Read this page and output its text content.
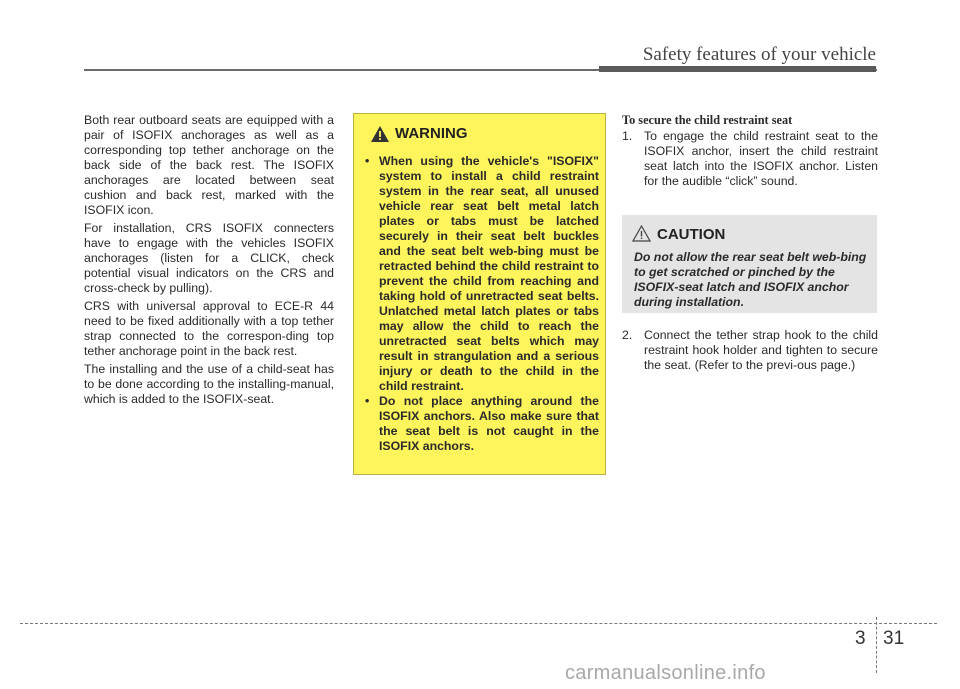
Safety features of your vehicle

Both rear outboard seats are equipped with a pair of ISOFIX anchorages as well as a corresponding top tether anchorage on the back side of the back rest. The ISOFIX anchorages are located between seat cushion and back rest, marked with the ISOFIX icon.

For installation, CRS ISOFIX connecters have to engage with the vehicles ISOFIX anchorages (listen for a CLICK, check potential visual indicators on the CRS and cross-check by pulling).

CRS with universal approval to ECE-R 44 need to be fixed additionally with a top tether strap connected to the correspon-ding top tether anchorage point in the back rest.

The installing and the use of a child-seat has to be done according to the installing-manual, which is added to the ISOFIX-seat.

WARNING
• When using the vehicle's "ISOFIX" system to install a child restraint system in the rear seat, all unused vehicle rear seat belt metal latch plates or tabs must be latched securely in their seat belt buckles and the seat belt web-bing must be retracted behind the child restraint to prevent the child from reaching and taking hold of unretracted seat belts. Unlatched metal latch plates or tabs may allow the child to reach the unretracted seat belts which may result in strangulation and a serious injury or death to the child in the child restraint.
• Do not place anything around the ISOFIX anchors. Also make sure that the seat belt is not caught in the ISOFIX anchors.
To secure the child restraint seat
1. To engage the child restraint seat to the ISOFIX anchor, insert the child restraint seat latch into the ISOFIX anchor. Listen for the audible “click” sound.
CAUTION
Do not allow the rear seat belt web-bing to get scratched or pinched by the ISOFIX-seat latch and ISOFIX anchor during installation.
2. Connect the tether strap hook to the child restraint hook holder and tighten to secure the seat. (Refer to the previ-ous page.)
3 31
carmanualsonline.info
